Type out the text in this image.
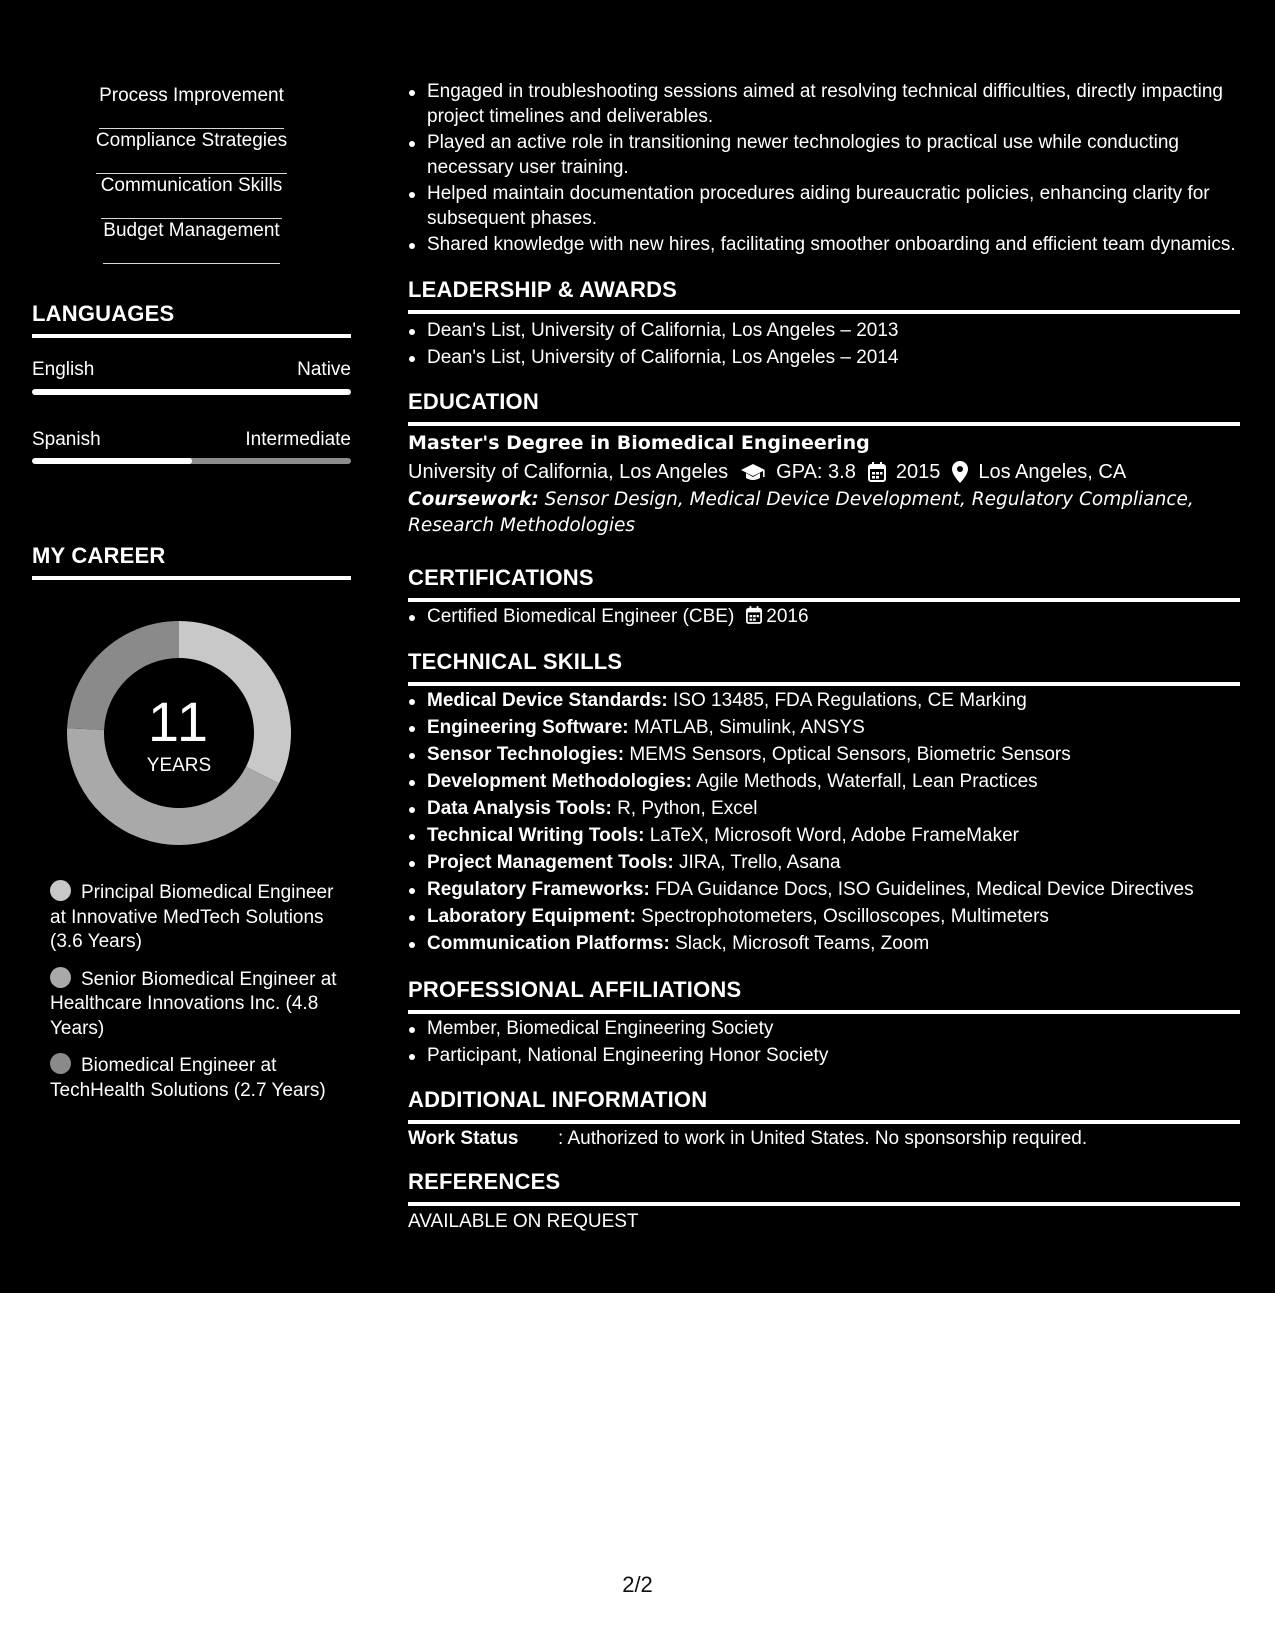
Process Improvement
Compliance Strategies
Communication Skills
Budget Management
LANGUAGES
English	Native
Spanish	Intermediate
MY CAREER
11
YEARS
Principal Biomedical Engineer at Innovative MedTech Solutions (3.6 Years)
Senior Biomedical Engineer at Healthcare Innovations Inc. (4.8 Years)
Biomedical Engineer at TechHealth Solutions (2.7 Years)
Engaged in troubleshooting sessions aimed at resolving technical difficulties, directly impacting project timelines and deliverables.
Played an active role in transitioning newer technologies to practical use while conducting necessary user training.
Helped maintain documentation procedures aiding bureaucratic policies, enhancing clarity for subsequent phases.
Shared knowledge with new hires, facilitating smoother onboarding and efficient team dynamics.
LEADERSHIP & AWARDS
Dean's List, University of California, Los Angeles – 2013
Dean's List, University of California, Los Angeles – 2014
EDUCATION
Master's Degree in Biomedical Engineering
University of California, Los Angeles GPA: 3.8 2015 Los Angeles, CA
Coursework: Sensor Design, Medical Device Development, Regulatory Compliance, Research Methodologies
CERTIFICATIONS
Certified Biomedical Engineer (CBE) 2016
TECHNICAL SKILLS
Medical Device Standards: ISO 13485, FDA Regulations, CE Marking
Engineering Software: MATLAB, Simulink, ANSYS
Sensor Technologies: MEMS Sensors, Optical Sensors, Biometric Sensors
Development Methodologies: Agile Methods, Waterfall, Lean Practices
Data Analysis Tools: R, Python, Excel
Technical Writing Tools: LaTeX, Microsoft Word, Adobe FrameMaker
Project Management Tools: JIRA, Trello, Asana
Regulatory Frameworks: FDA Guidance Docs, ISO Guidelines, Medical Device Directives
Laboratory Equipment: Spectrophotometers, Oscilloscopes, Multimeters
Communication Platforms: Slack, Microsoft Teams, Zoom
PROFESSIONAL AFFILIATIONS
Member, Biomedical Engineering Society
Participant, National Engineering Honor Society
ADDITIONAL INFORMATION
Work Status	: Authorized to work in United States. No sponsorship required.
REFERENCES
AVAILABLE ON REQUEST
2/2
